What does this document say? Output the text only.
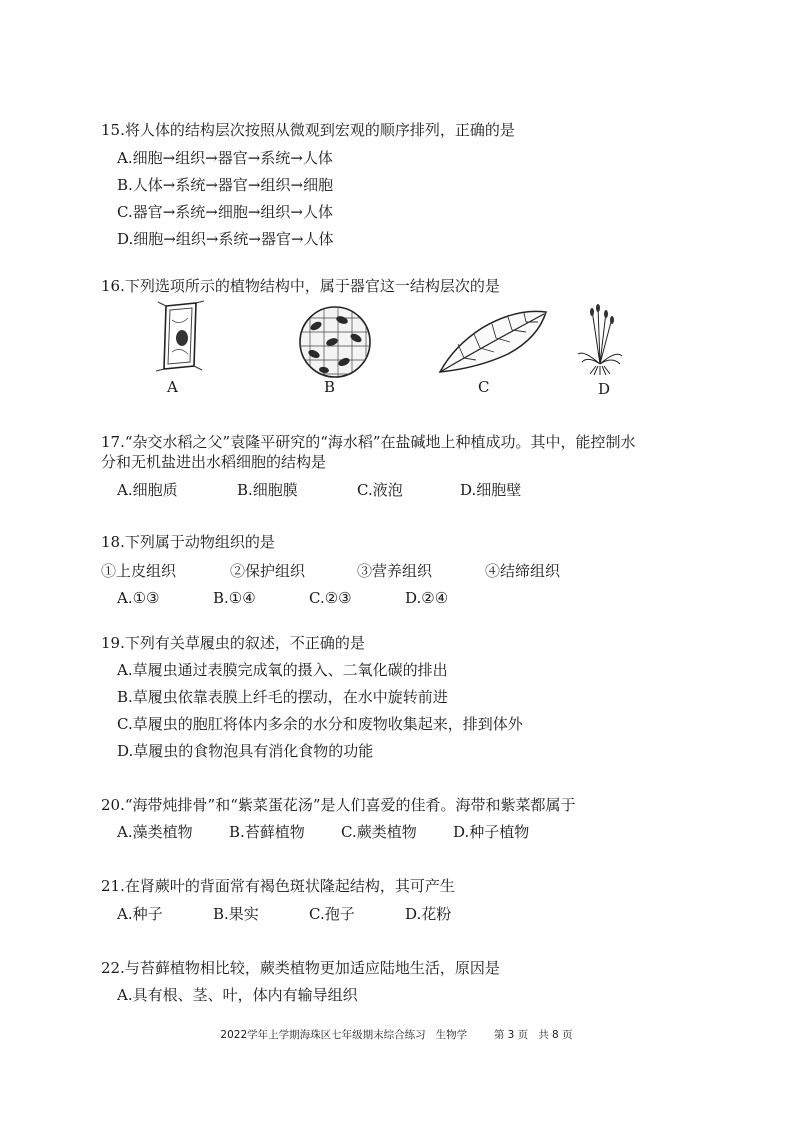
15.将人体的结构层次按照从微观到宏观的顺序排列，正确的是
A.细胞→组织→器官→系统→人体
B.人体→系统→器官→组织→细胞
C.器官→系统→细胞→组织→人体
D.细胞→组织→系统→器官→人体
16.下列选项所示的植物结构中，属于器官这一结构层次的是
A	B	C	D
17.“杂交水稻之父”袁隆平研究的“海水稻”在盐碱地上种植成功。其中，能控制水
分和无机盐进出水稻细胞的结构是
A.细胞质	B.细胞膜	C.液泡	D.细胞壁
18.下列属于动物组织的是
①上皮组织	②保护组织	③营养组织	④结缔组织
A.①③	B.①④	C.②③	D.②④
19.下列有关草履虫的叙述，不正确的是
A.草履虫通过表膜完成氧的摄入、二氧化碳的排出
B.草履虫依靠表膜上纤毛的摆动，在水中旋转前进
C.草履虫的胞肛将体内多余的水分和废物收集起来，排到体外
D.草履虫的食物泡具有消化食物的功能
20.“海带炖排骨”和“紫菜蛋花汤”是人们喜爱的佳肴。海带和紫菜都属于
A.藻类植物 B.苔藓植物 C.蕨类植物 D.种子植物
21.在肾蕨叶的背面常有褐色斑状隆起结构，其可产生
A.种子	B.果实	C.孢子	D.花粉
22.与苔藓植物相比较，蕨类植物更加适应陆地生活，原因是
A.具有根、茎、叶，体内有输导组织
2022学年上学期海珠区七年级期末综合练习   生物学        第 3 页   共 8 页
